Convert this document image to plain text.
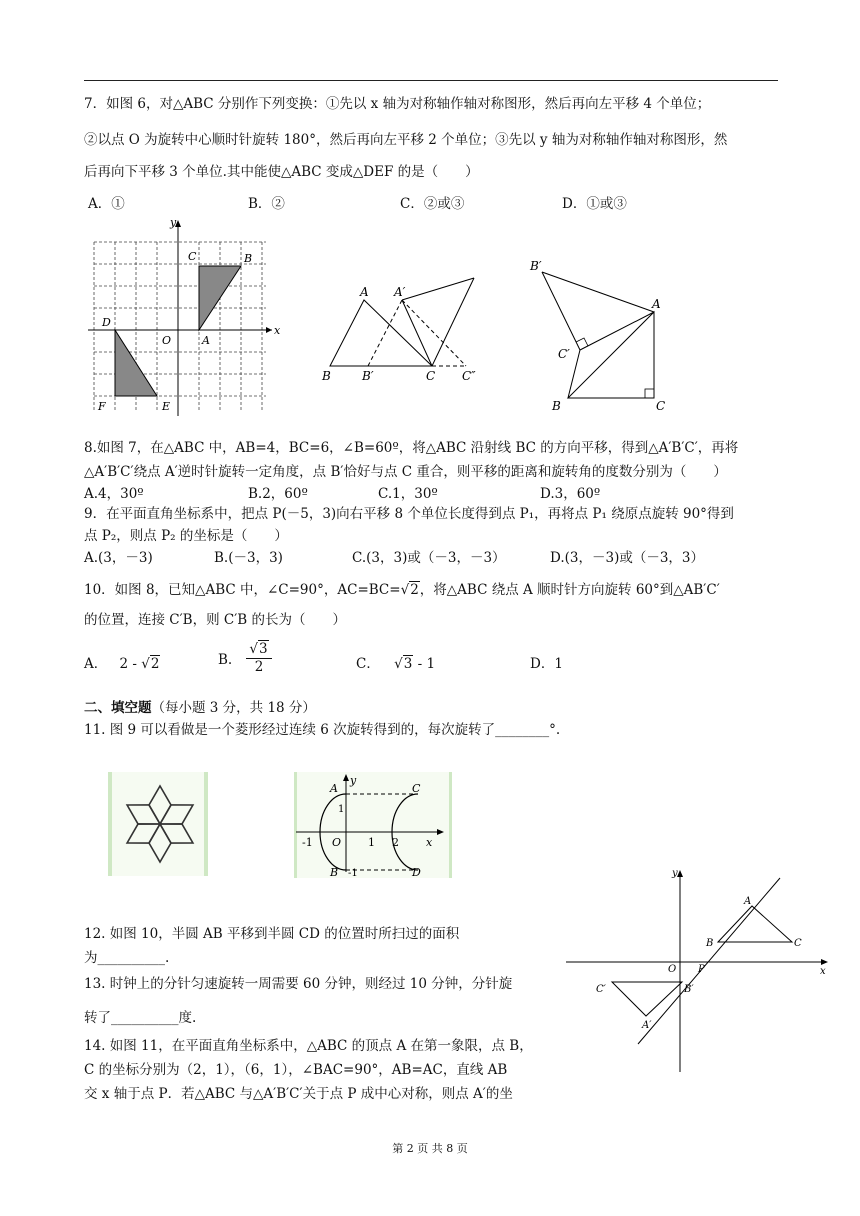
7．如图 6，对△ABC 分别作下列变换：①先以 x 轴为对称轴作轴对称图形，然后再向左平移 4 个单位；
②以点 O 为旋转中心顺时针旋转 180°，然后再向左平移 2 个单位；③先以 y 轴为对称轴作轴对称图形，然
后再向下平移 3 个单位.其中能使△ABC 变成△DEF 的是（　　）
A．①	B．②	C．②或③	D．①或③
y
C	B
D
O	A
x
F	E
A A′
B	B′	C C″
B′
A
C′
B	C
8.如图 7，在△ABC 中，AB=4，BC=6，∠B=60º，将△ABC 沿射线 BC 的方向平移，得到△A′B′C′，再将
△A′B′C′绕点 A′逆时针旋转一定角度，点 B′恰好与点 C 重合，则平移的距离和旋转角的度数分别为（　　）
A.4，30º	B.2，60º	C.1，30º	D.3，60º
9．在平面直角坐标系中，把点 P(－5，3)向右平移 8 个单位长度得到点 P₁，再将点 P₁ 绕原点旋转 90°得到
点 P₂，则点 P₂ 的坐标是（　　）
A.(3，－3)	B.(－3，3)	C.(3，3)或（－3，－3）	D.(3，－3)或（－3，3）
10．如图 8，已知△ABC 中，∠C=90°，AC=BC=√2，将△ABC 绕点 A 顺时针方向旋转 60°到△AB′C′
的位置，连接 C′B，则 C′B 的长为（　　）
A． 2 - √2	B.
√3
2	C． √3 - 1	D．1
二、填空题（每小题 3 分，共 18 分）
11. 图 9 可以看做是一个菱形经过连续 6 次旋转得到的，每次旋转了________°.
A	C
1
y
-1 O 1 2 x
B -1	D	y
A
B	C
O P	x
C′	B′
A′
12. 如图 10，半圆 AB 平移到半圆 CD 的位置时所扫过的面积
为__________.
13. 时钟上的分针匀速旋转一周需要 60 分钟，则经过 10 分钟，分针旋
转了__________度.
14. 如图 11，在平面直角坐标系中，△ABC 的顶点 A 在第一象限，点 B，
C 的坐标分别为（2，1），（6，1），∠BAC=90°，AB=AC，直线 AB
交 x 轴于点 P．若△ABC 与△A′B′C′关于点 P 成中心对称，则点 A′的坐
第 2 页 共 8 页
